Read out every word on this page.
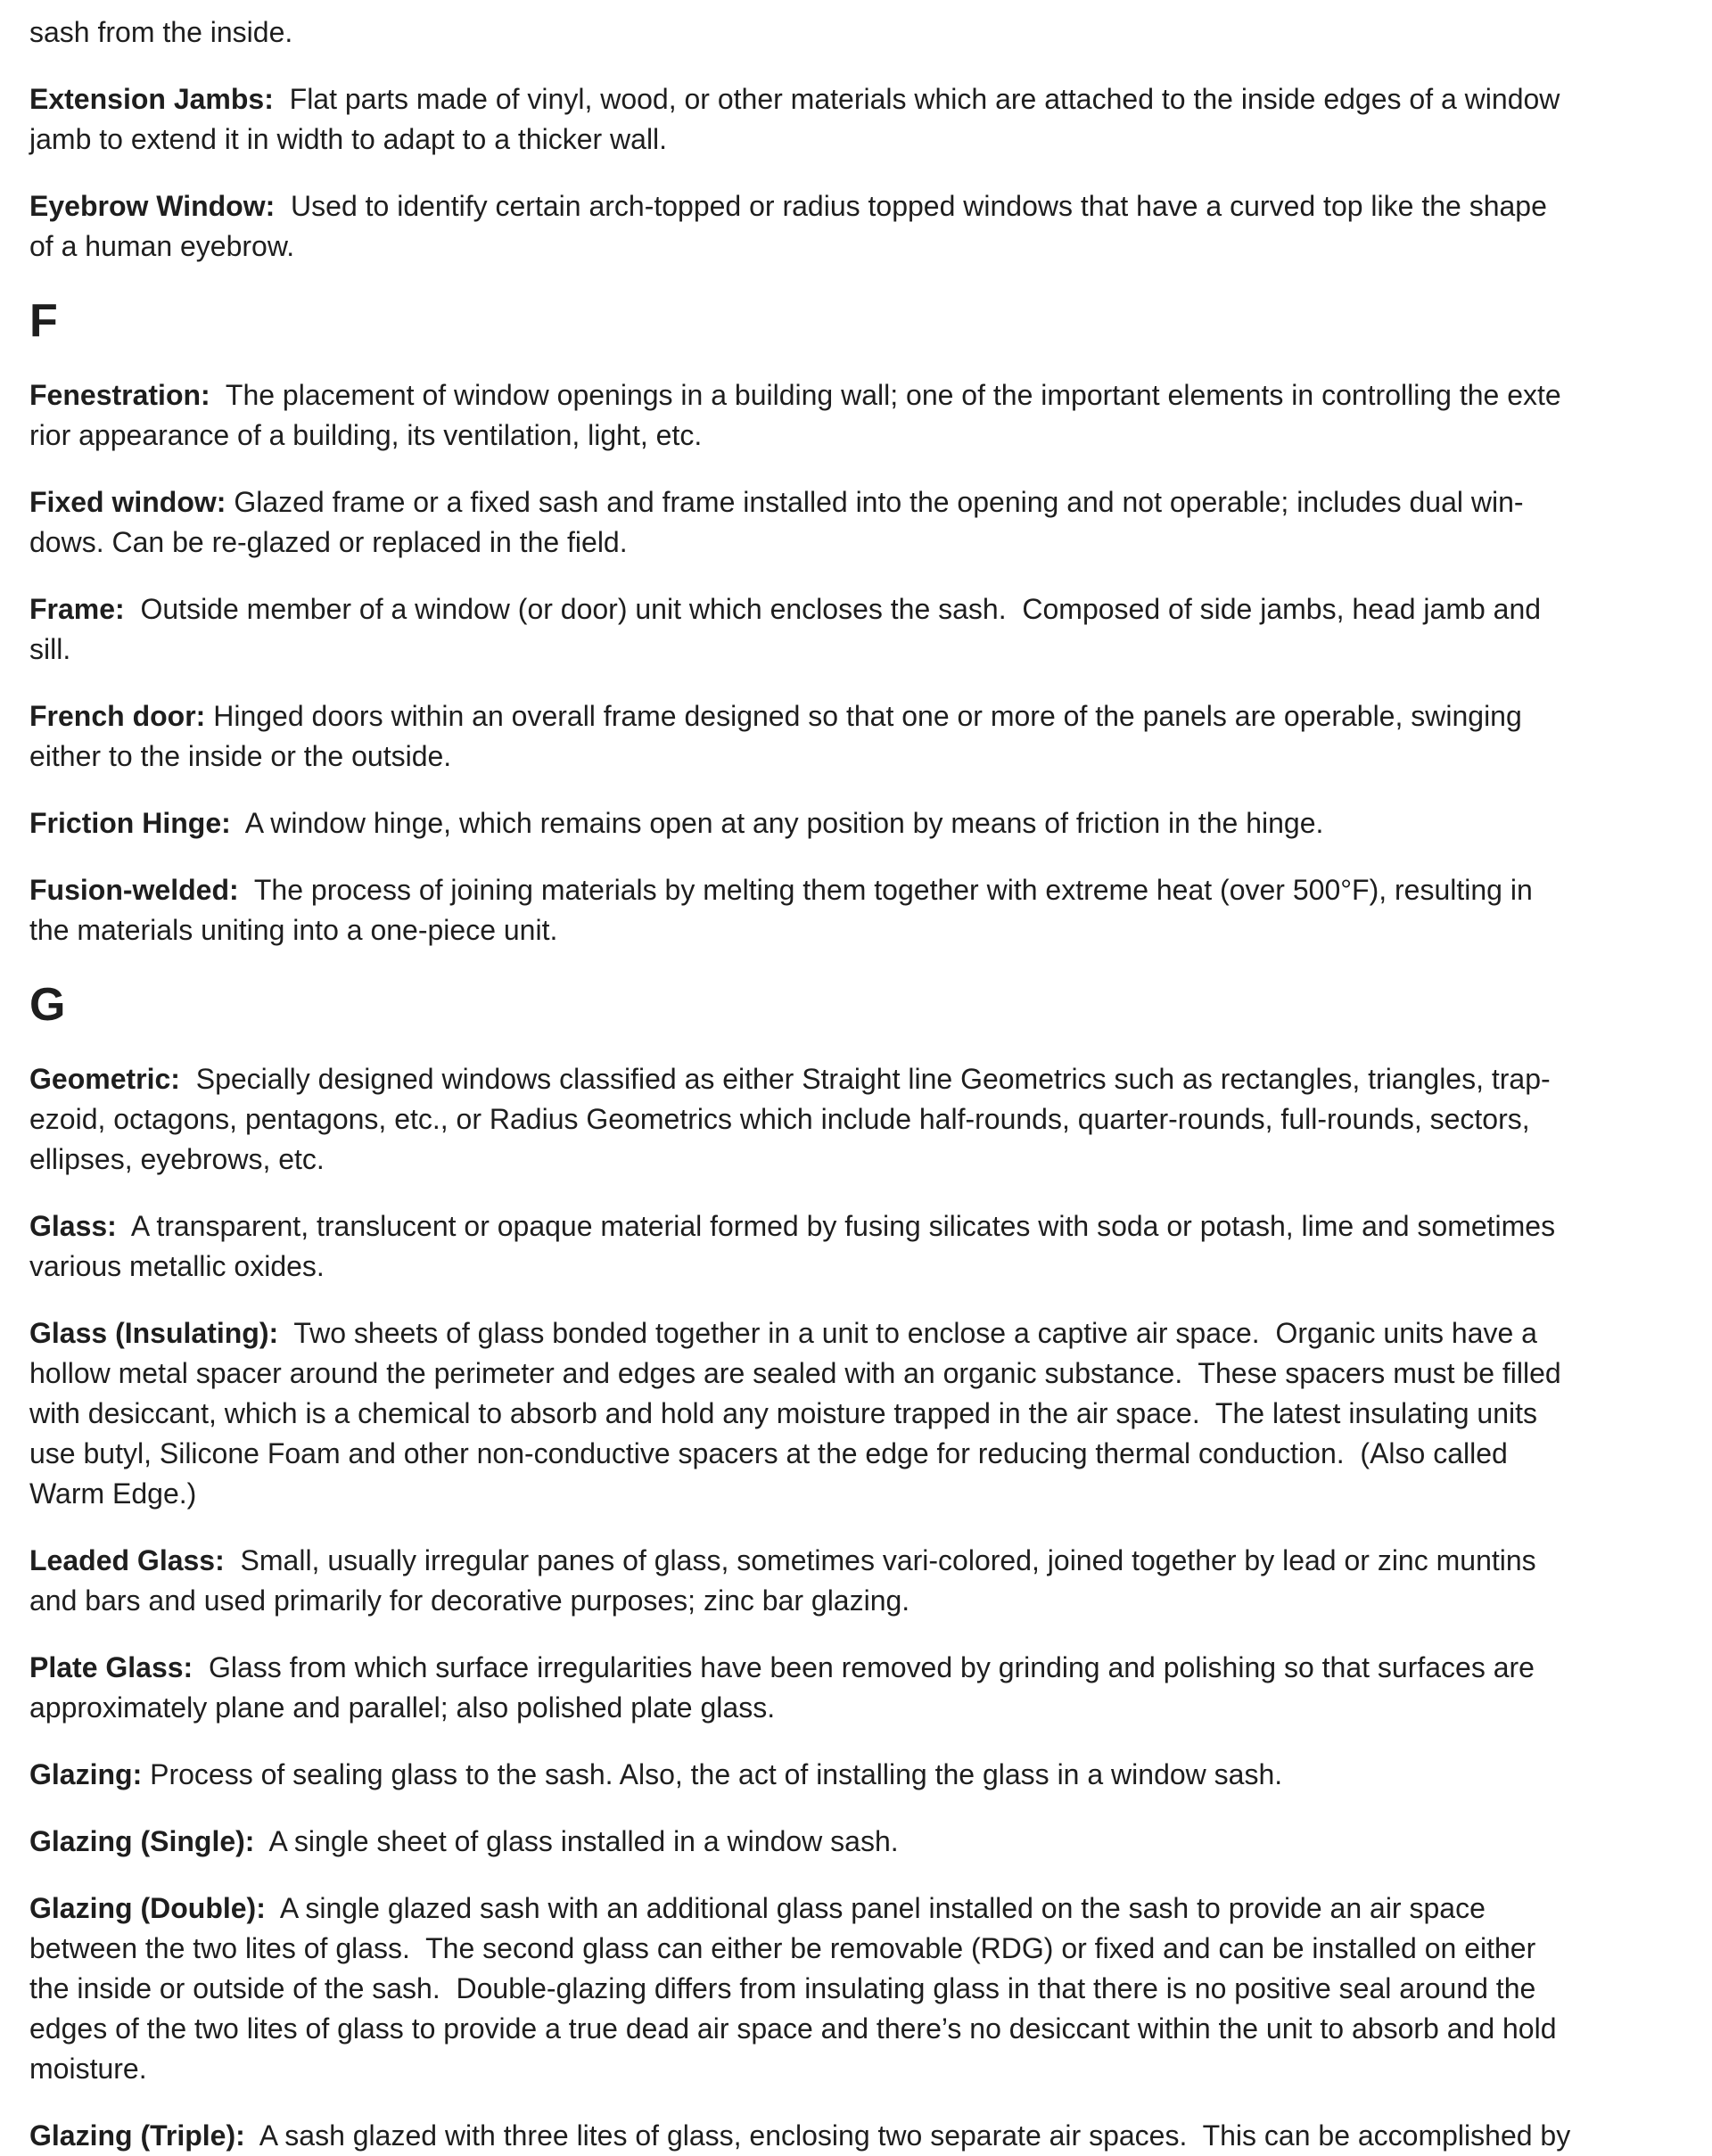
sash from the inside.
Extension Jambs:  Flat parts made of vinyl, wood, or other materials which are attached to the inside edges of a window
jamb to extend it in width to adapt to a thicker wall.
Eyebrow Window:  Used to identify certain arch-topped or radius topped windows that have a curved top like the shape
of a human eyebrow.
F
Fenestration:  The placement of window openings in a building wall; one of the important elements in controlling the exte
rior appearance of a building, its ventilation, light, etc.
Fixed window: Glazed frame or a fixed sash and frame installed into the opening and not operable; includes dual win-
dows. Can be re-glazed or replaced in the field.
Frame:  Outside member of a window (or door) unit which encloses the sash.  Composed of side jambs, head jamb and
sill.
French door: Hinged doors within an overall frame designed so that one or more of the panels are operable, swinging
either to the inside or the outside.
Friction Hinge:  A window hinge, which remains open at any position by means of friction in the hinge.
Fusion-welded:  The process of joining materials by melting them together with extreme heat (over 500°F), resulting in
the materials uniting into a one-piece unit.
G
Geometric:  Specially designed windows classified as either Straight line Geometrics such as rectangles, triangles, trap-
ezoid, octagons, pentagons, etc., or Radius Geometrics which include half-rounds, quarter-rounds, full-rounds, sectors,
ellipses, eyebrows, etc.
Glass:  A transparent, translucent or opaque material formed by fusing silicates with soda or potash, lime and sometimes
various metallic oxides.
Glass (Insulating):  Two sheets of glass bonded together in a unit to enclose a captive air space.  Organic units have a
hollow metal spacer around the perimeter and edges are sealed with an organic substance.  These spacers must be filled
with desiccant, which is a chemical to absorb and hold any moisture trapped in the air space.  The latest insulating units
use butyl, Silicone Foam and other non-conductive spacers at the edge for reducing thermal conduction.  (Also called
Warm Edge.)
Leaded Glass:  Small, usually irregular panes of glass, sometimes vari-colored, joined together by lead or zinc muntins
and bars and used primarily for decorative purposes; zinc bar glazing.
Plate Glass:  Glass from which surface irregularities have been removed by grinding and polishing so that surfaces are
approximately plane and parallel; also polished plate glass.
Glazing: Process of sealing glass to the sash. Also, the act of installing the glass in a window sash.
Glazing (Single):  A single sheet of glass installed in a window sash.
Glazing (Double):  A single glazed sash with an additional glass panel installed on the sash to provide an air space
between the two lites of glass.  The second glass can either be removable (RDG) or fixed and can be installed on either
the inside or outside of the sash.  Double-glazing differs from insulating glass in that there is no positive seal around the
edges of the two lites of glass to provide a true dead air space and there’s no desiccant within the unit to absorb and hold
moisture.
Glazing (Triple):  A sash glazed with three lites of glass, enclosing two separate air spaces.  This can be accomplished by
